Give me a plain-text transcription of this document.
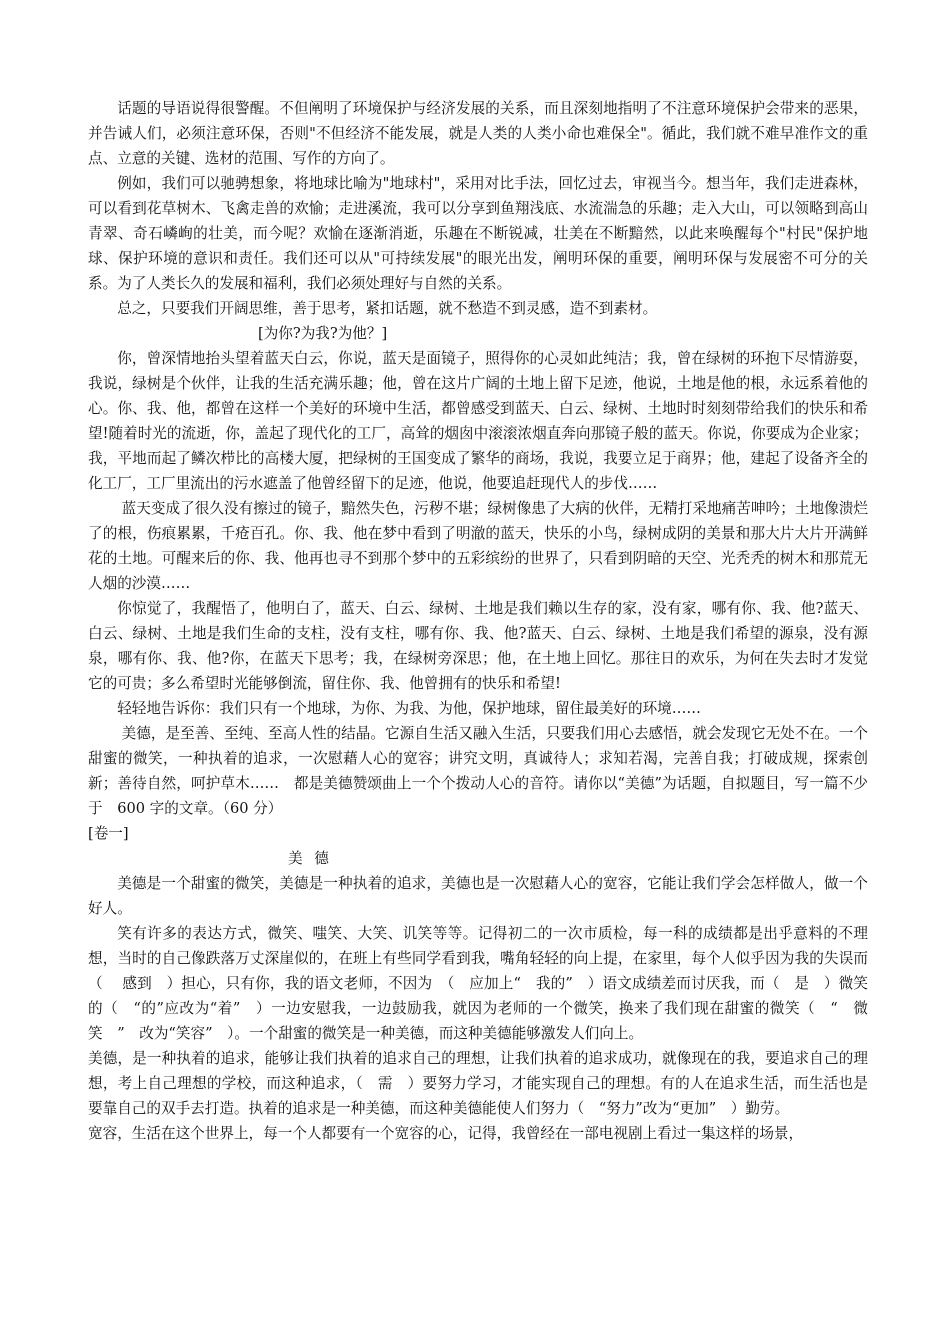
话题的导语说得很警醒。不但阐明了环境保护与经济发展的关系，而且深刻地指明了不注意环境保护会带来的恶果，并告诫人们，必须注意环保，否则"不但经济不能发展，就是人类的人类小命也难保全"。循此，我们就不难早准作文的重点、立意的关键、选材的范围、写作的方向了。

例如，我们可以驰骋想象，将地球比喻为"地球村"，采用对比手法，回忆过去，审视当今。想当年，我们走进森林，可以看到花草树木、飞禽走兽的欢愉；走进溪流，我可以分享到鱼翔浅底、水流湍急的乐趣；走入大山，可以领略到高山青翠、奇石嶙峋的壮美，而今呢？欢愉在逐渐消逝，乐趣在不断锐减，壮美在不断黯然，以此来唤醒每个"村民"保护地球、保护环境的意识和责任。我们还可以从"可持续发展"的眼光出发，阐明环保的重要，阐明环保与发展密不可分的关系。为了人类长久的发展和福利，我们必须处理好与自然的关系。

总之，只要我们开阔思维，善于思考，紧扣话题，就不愁造不到灵感，造不到素材。

[为你?为我?为他？]

你，曾深情地抬头望着蓝天白云，你说，蓝天是面镜子，照得你的心灵如此纯洁；我，曾在绿树的环抱下尽情游耍，我说，绿树是个伙伴，让我的生活充满乐趣；他，曾在这片广阔的土地上留下足迹，他说，土地是他的根，永远系着他的心。你、我、他，都曾在这样一个美好的环境中生活，都曾感受到蓝天、白云、绿树、土地时时刻刻带给我们的快乐和希望!随着时光的流逝，你，盖起了现代化的工厂，高耸的烟囱中滚滚浓烟直奔向那镜子般的蓝天。你说，你要成为企业家；我，平地而起了鳞次栉比的高楼大厦，把绿树的王国变成了繁华的商场，我说，我要立足于商界；他，建起了设备齐全的化工厂，工厂里流出的污水遮盖了他曾经留下的足迹，他说，他要追赶现代人的步伐……

蓝天变成了很久没有擦过的镜子，黯然失色，污秽不堪；绿树像患了大病的伙伴，无精打采地痛苦呻吟；土地像溃烂了的根，伤痕累累，千疮百孔。你、我、他在梦中看到了明澈的蓝天，快乐的小鸟，绿树成阴的美景和那大片大片开满鲜花的土地。可醒来后的你、我、他再也寻不到那个梦中的五彩缤纷的世界了，只看到阴暗的天空、光秃秃的树木和那荒无人烟的沙漠……

你惊觉了，我醒悟了，他明白了，蓝天、白云、绿树、土地是我们赖以生存的家，没有家，哪有你、我、他?蓝天、白云、绿树、土地是我们生命的支柱，没有支柱，哪有你、我、他?蓝天、白云、绿树、土地是我们希望的源泉，没有源泉，哪有你、我、他?你，在蓝天下思考；我，在绿树旁深思；他，在土地上回忆。那往日的欢乐，为何在失去时才发觉它的可贵；多么希望时光能够倒流，留住你、我、他曾拥有的快乐和希望!

轻轻地告诉你：我们只有一个地球，为你、为我、为他，保护地球，留住最美好的环境……

美德，是至善、至纯、至高人性的结晶。它源自生活又融入生活，只要我们用心去感悟，就会发现它无处不在。一个甜蜜的微笑，一种执着的追求，一次慰藉人心的宽容；讲究文明，真诚待人；求知若渴，完善自我；打破成规，探索创新；善待自然，呵护草木……　都是美德赞颂曲上一个个拨动人心的音符。请你以“美德”为话题，自拟题目，写一篇不少于　600 字的文章。（60 分）

[卷一]

美德

美德是一个甜蜜的微笑，美德是一种执着的追求，美德也是一次慰藉人心的宽容，它能让我们学会怎样做人，做一个好人。

笑有许多的表达方式，微笑、嗤笑、大笑、讥笑等等。记得初二的一次市质检，每一科的成绩都是出乎意料的不理想，当时的自己像跌落万丈深崖似的，在班上有些同学看到我，嘴角轻轻的向上提，在家里，每个人似乎因为我的失误而（　 感到　）担心，只有你，我的语文老师，不因为　（　应加上“　我的”　）语文成绩差而讨厌我，而（　是　）微笑的（　“的”应改为“着”　）一边安慰我，一边鼓励我，就因为老师的一个微笑，换来了我们现在甜蜜的微笑（　“　微笑　”　改为“笑容”　）。一个甜蜜的微笑是一种美德，而这种美德能够激发人们向上。

美德，是一种执着的追求，能够让我们执着的追求自己的理想，让我们执着的追求成功，就像现在的我，要追求自己的理想，考上自己理想的学校，而这种追求，（　需　）要努力学习，才能实现自己的理想。有的人在追求生活，而生活也是要靠自己的双手去打造。执着的追求是一种美德，而这种美德能使人们努力（　“努力”改为“更加”　）勤劳。

宽容，生活在这个世界上，每一个人都要有一个宽容的心，记得，我曾经在一部电视剧上看过一集这样的场景，
